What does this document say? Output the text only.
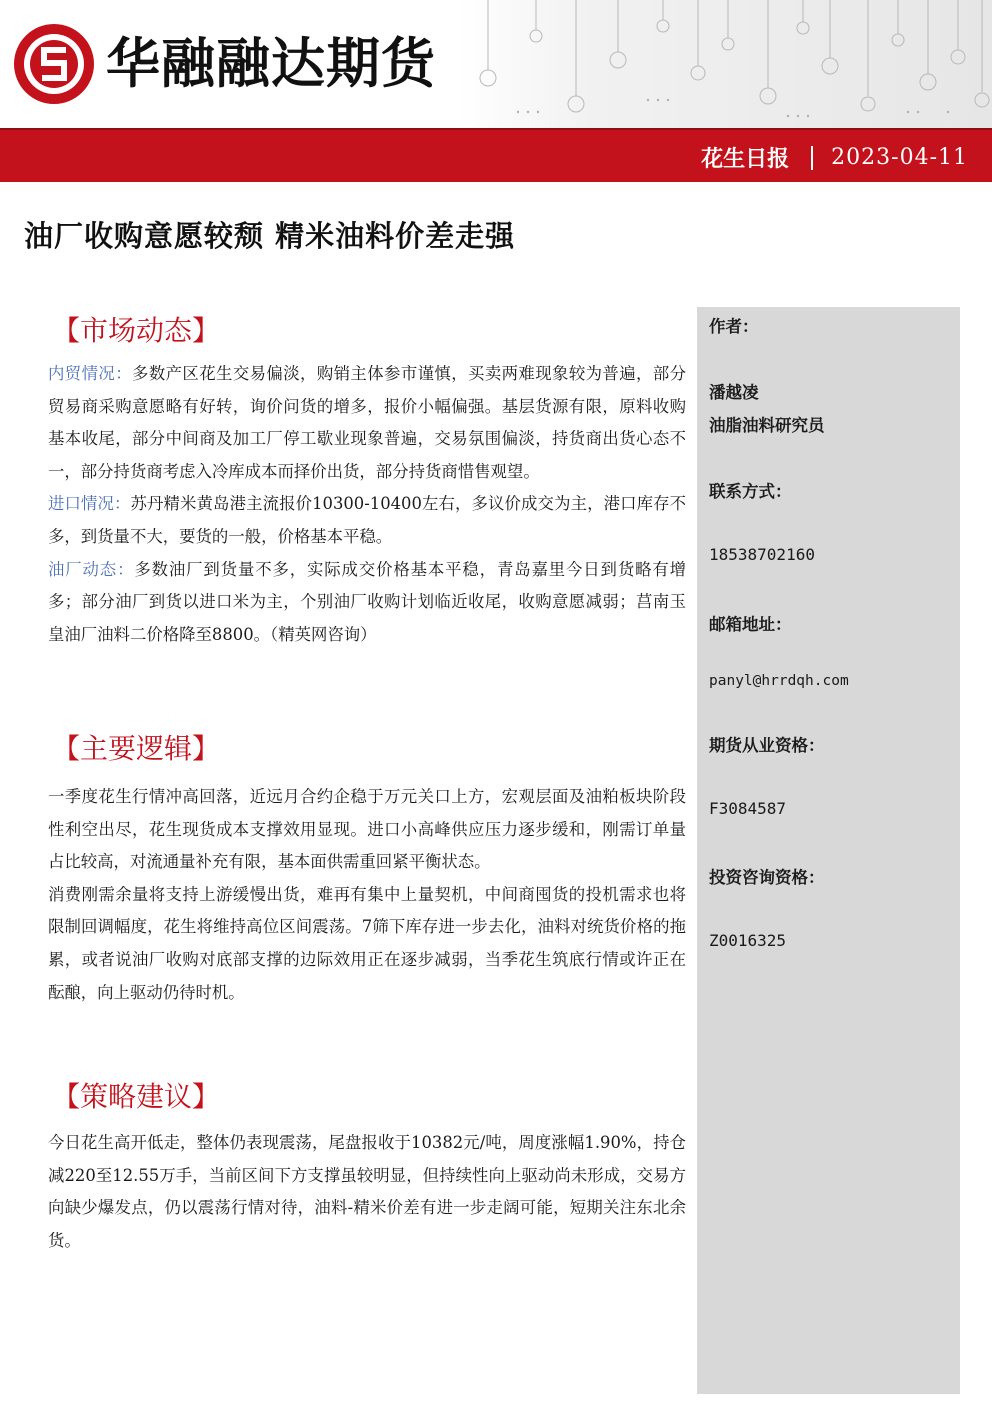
华融融达期货
花生日报 2023-04-11
油厂收购意愿较颓 精米油料价差走强
【市场动态】

内贸情况：多数产区花生交易偏淡，购销主体参市谨慎，买卖两难现象较为普遍，部分贸易商采购意愿略有好转，询价问货的增多，报价小幅偏强。基层货源有限，原料收购基本收尾，部分中间商及加工厂停工歇业现象普遍，交易氛围偏淡，持货商出货心态不一，部分持货商考虑入冷库成本而择价出货，部分持货商惜售观望。

进口情况：苏丹精米黄岛港主流报价10300-10400左右，多议价成交为主，港口库存不多，到货量不大，要货的一般，价格基本平稳。

油厂动态：多数油厂到货量不多，实际成交价格基本平稳，青岛嘉里今日到货略有增多；部分油厂到货以进口米为主，个别油厂收购计划临近收尾，收购意愿减弱；莒南玉皇油厂油料二价格降至8800。（精英网咨询）

【主要逻辑】

一季度花生行情冲高回落，近远月合约企稳于万元关口上方，宏观层面及油粕板块阶段性利空出尽，花生现货成本支撑效用显现。进口小高峰供应压力逐步缓和，刚需订单量占比较高，对流通量补充有限，基本面供需重回紧平衡状态。

消费刚需余量将支持上游缓慢出货，难再有集中上量契机，中间商囤货的投机需求也将限制回调幅度，花生将维持高位区间震荡。7筛下库存进一步去化，油料对统货价格的拖累，或者说油厂收购对底部支撑的边际效用正在逐步减弱，当季花生筑底行情或许正在酝酿，向上驱动仍待时机。

【策略建议】

今日花生高开低走，整体仍表现震荡，尾盘报收于10382元/吨，周度涨幅1.90%，持仓减220至12.55万手，当前区间下方支撑虽较明显，但持续性向上驱动尚未形成，交易方向缺少爆发点，仍以震荡行情对待，油料-精米价差有进一步走阔可能，短期关注东北余货。

作者：
潘越凌
油脂油料研究员
联系方式：
18538702160
邮箱地址：
panyl@hrrdqh.com
期货从业资格：
F3084587
投资咨询资格：
Z0016325
